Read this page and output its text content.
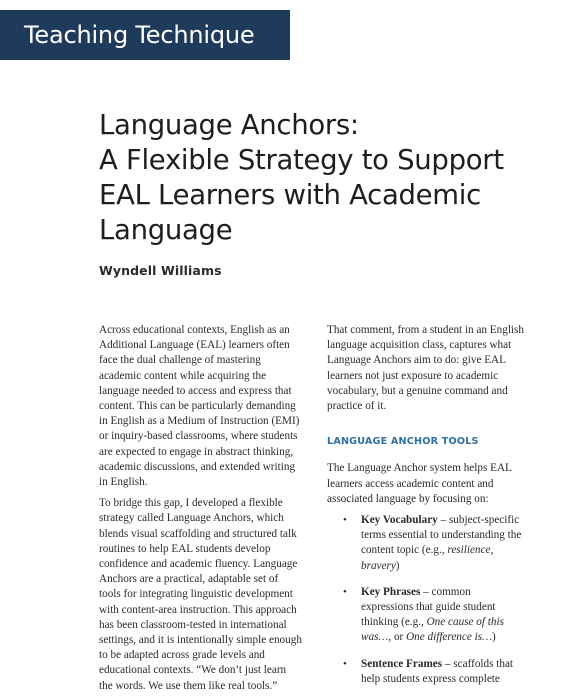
Teaching Technique
Language Anchors:
A Flexible Strategy to Support
EAL Learners with Academic
Language
Wyndell Williams

Across educational contexts, English as an
Additional Language (EAL) learners often
face the dual challenge of mastering
academic content while acquiring the
language needed to access and express that
content. This can be particularly demanding
in English as a Medium of Instruction (EMI)
or inquiry-based classrooms, where students
are expected to engage in abstract thinking,
academic discussions, and extended writing
in English.

To bridge this gap, I developed a flexible
strategy called Language Anchors, which
blends visual scaffolding and structured talk
routines to help EAL students develop
confidence and academic fluency. Language
Anchors are a practical, adaptable set of
tools for integrating linguistic development
with content-area instruction. This approach
has been classroom-tested in international
settings, and it is intentionally simple enough
to be adapted across grade levels and
educational contexts. “We don’t just learn
the words. We use them like real tools.”

That comment, from a student in an English
language acquisition class, captures what
Language Anchors aim to do: give EAL
learners not just exposure to academic
vocabulary, but a genuine command and
practice of it.

LANGUAGE ANCHOR TOOLS

The Language Anchor system helps EAL
learners access academic content and
associated language by focusing on:

• Key Vocabulary – subject-specific
terms essential to understanding the
content topic (e.g., resilience,
bravery)
• Key Phrases – common
expressions that guide student
thinking (e.g., One cause of this
was…, or One difference is…)
• Sentence Frames – scaffolds that
help students express complete
